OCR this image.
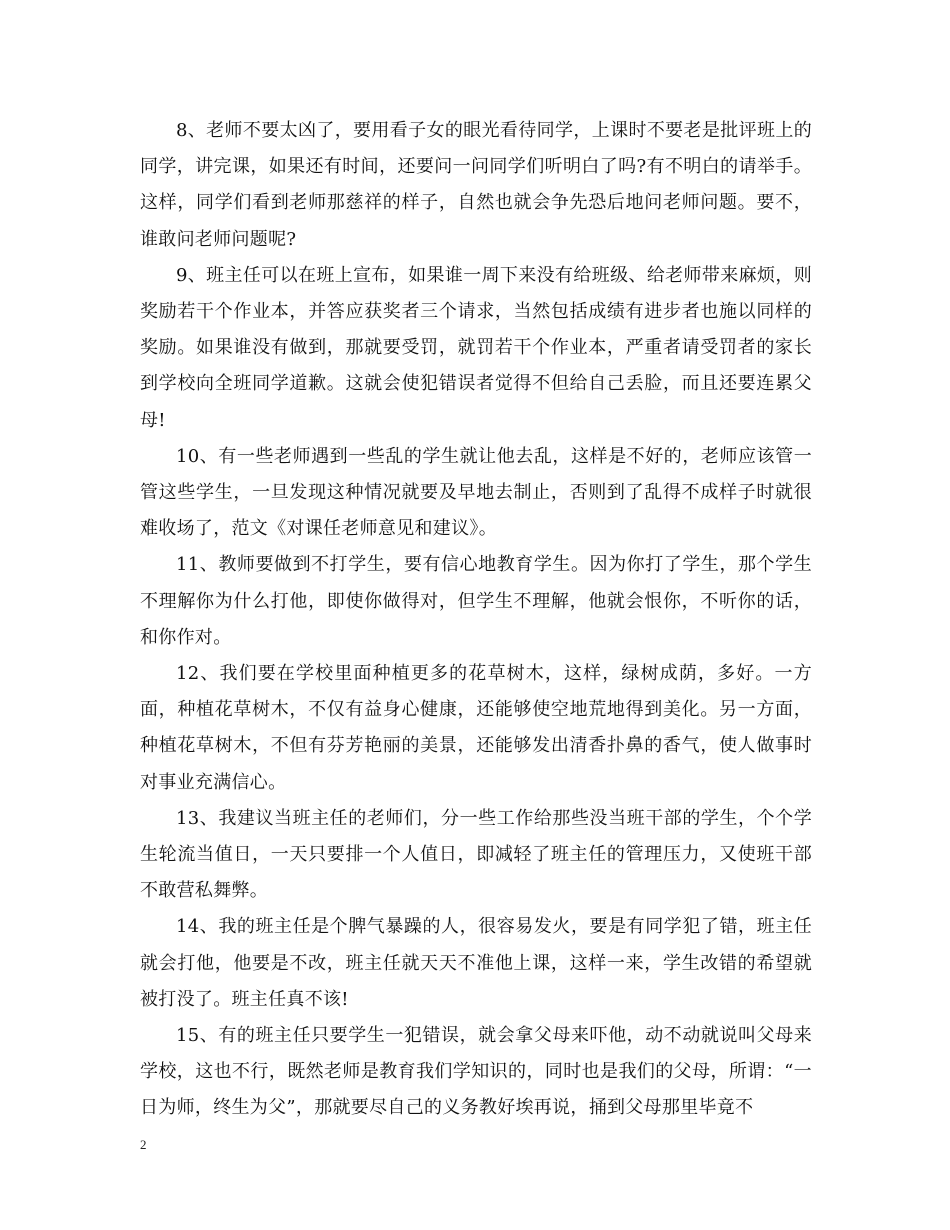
8、老师不要太凶了，要用看子女的眼光看待同学，上课时不要老是批评班上的同学，讲完课，如果还有时间，还要问一问同学们听明白了吗?有不明白的请举手。这样，同学们看到老师那慈祥的样子，自然也就会争先恐后地问老师问题。要不，谁敢问老师问题呢?

9、班主任可以在班上宣布，如果谁一周下来没有给班级、给老师带来麻烦，则奖励若干个作业本，并答应获奖者三个请求，当然包括成绩有进步者也施以同样的奖励。如果谁没有做到，那就要受罚，就罚若干个作业本，严重者请受罚者的家长到学校向全班同学道歉。这就会使犯错误者觉得不但给自己丢脸，而且还要连累父母!

10、有一些老师遇到一些乱的学生就让他去乱，这样是不好的，老师应该管一管这些学生，一旦发现这种情况就要及早地去制止，否则到了乱得不成样子时就很难收场了，范文《对课任老师意见和建议》。

11、教师要做到不打学生，要有信心地教育学生。因为你打了学生，那个学生不理解你为什么打他，即使你做得对，但学生不理解，他就会恨你，不听你的话，和你作对。

12、我们要在学校里面种植更多的花草树木，这样，绿树成荫，多好。一方面，种植花草树木，不仅有益身心健康，还能够使空地荒地得到美化。另一方面，种植花草树木，不但有芬芳艳丽的美景，还能够发出清香扑鼻的香气，使人做事时对事业充满信心。

13、我建议当班主任的老师们，分一些工作给那些没当班干部的学生，个个学生轮流当值日，一天只要排一个人值日，即减轻了班主任的管理压力，又使班干部不敢营私舞弊。

14、我的班主任是个脾气暴躁的人，很容易发火，要是有同学犯了错，班主任就会打他，他要是不改，班主任就天天不准他上课，这样一来，学生改错的希望就被打没了。班主任真不该!

15、有的班主任只要学生一犯错误，就会拿父母来吓他，动不动就说叫父母来学校，这也不行，既然老师是教育我们学知识的，同时也是我们的父母，所谓：“一日为师，终生为父”，那就要尽自己的义务教好埃再说，捅到父母那里毕竟不

2
